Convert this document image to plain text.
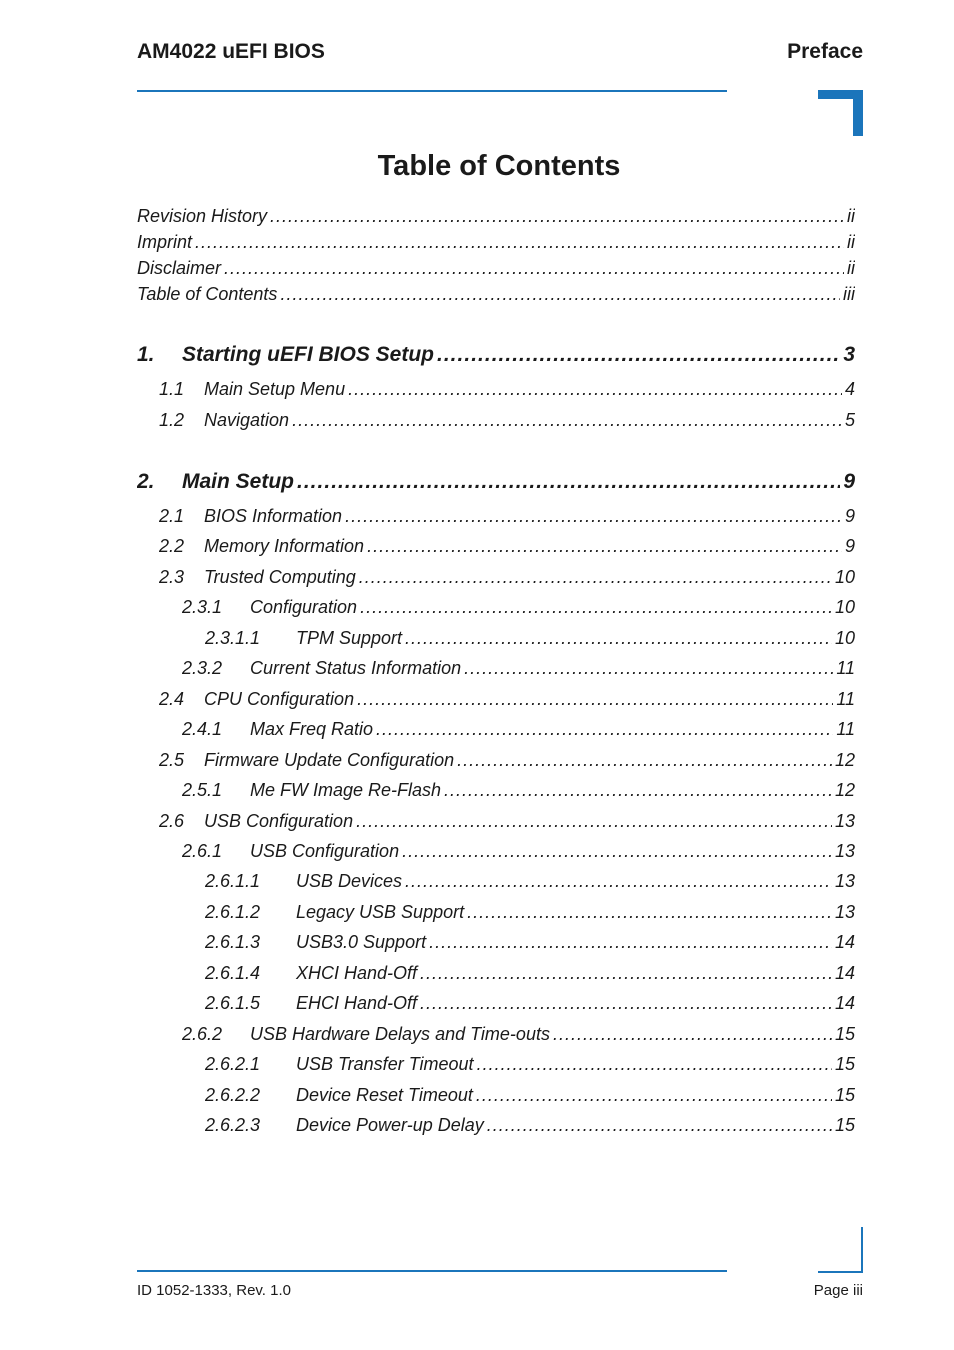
AM4022 uEFI BIOS	Preface
Table of Contents
Revision History .....	ii
Imprint .....	ii
Disclaimer .....	ii
Table of Contents .....	iii
1.	Starting uEFI BIOS Setup .....	3
1.1	Main Setup Menu .....	4
1.2	Navigation .....	5
2.	Main Setup .....	9
2.1	BIOS Information .....	9
2.2	Memory Information .....	9
2.3	Trusted Computing .....	10
2.3.1	Configuration .....	10
2.3.1.1	TPM Support .....	10
2.3.2	Current Status Information .....	11
2.4	CPU Configuration .....	11
2.4.1	Max Freq Ratio .....	11
2.5	Firmware Update Configuration .....	12
2.5.1	Me FW Image Re-Flash .....	12
2.6	USB Configuration .....	13
2.6.1	USB Configuration .....	13
2.6.1.1	USB Devices .....	13
2.6.1.2	Legacy USB Support .....	13
2.6.1.3	USB3.0 Support .....	14
2.6.1.4	XHCI Hand-Off .....	14
2.6.1.5	EHCI Hand-Off .....	14
2.6.2	USB Hardware Delays and Time-outs .....	15
2.6.2.1	USB Transfer Timeout .....	15
2.6.2.2	Device Reset Timeout .....	15
2.6.2.3	Device Power-up Delay .....	15
ID 1052-1333, Rev. 1.0	Page iii
